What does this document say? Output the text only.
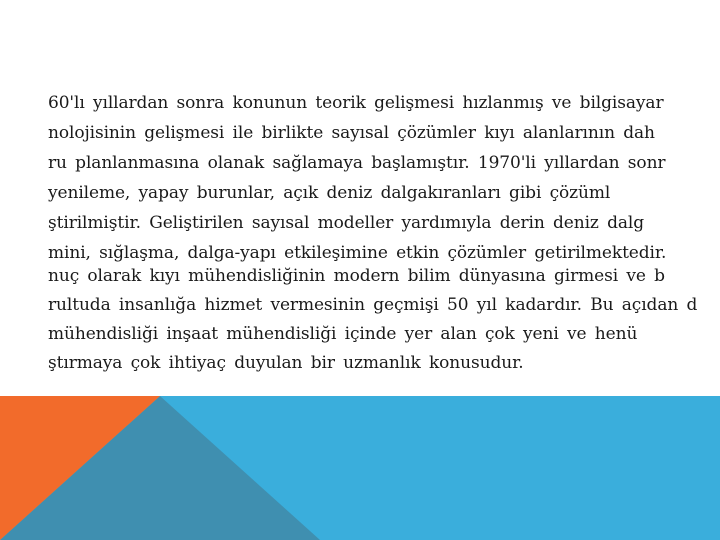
60'lı yıllardan sonra konunun teorik gelişmesi hızlanmış ve bilgisayar
nolojisinin gelişmesi ile birlikte sayısal çözümler kıyı alanlarının dah
ru planlanmasına olanak sağlamaya başlamıştır. 1970'li yıllardan sonr
yenileme, yapay burunlar, açık deniz dalgakıranları gibi çözüml
ştirilmiştir. Geliştirilen sayısal modeller yardımıyla derin deniz dalg
mini, sığlaşma, dalga-yapı etkileşimine etkin çözümler getirilmektedir.
nuç olarak kıyı mühendisliğinin modern bilim dünyasına girmesi ve b
rultuda insanlığa hizmet vermesinin geçmişi 50 yıl kadardır. Bu açıdan d
mühendisliği inşaat mühendisliği içinde yer alan çok yeni ve henü
ştırmaya çok ihtiyaç duyulan bir uzmanlık konusudur.
